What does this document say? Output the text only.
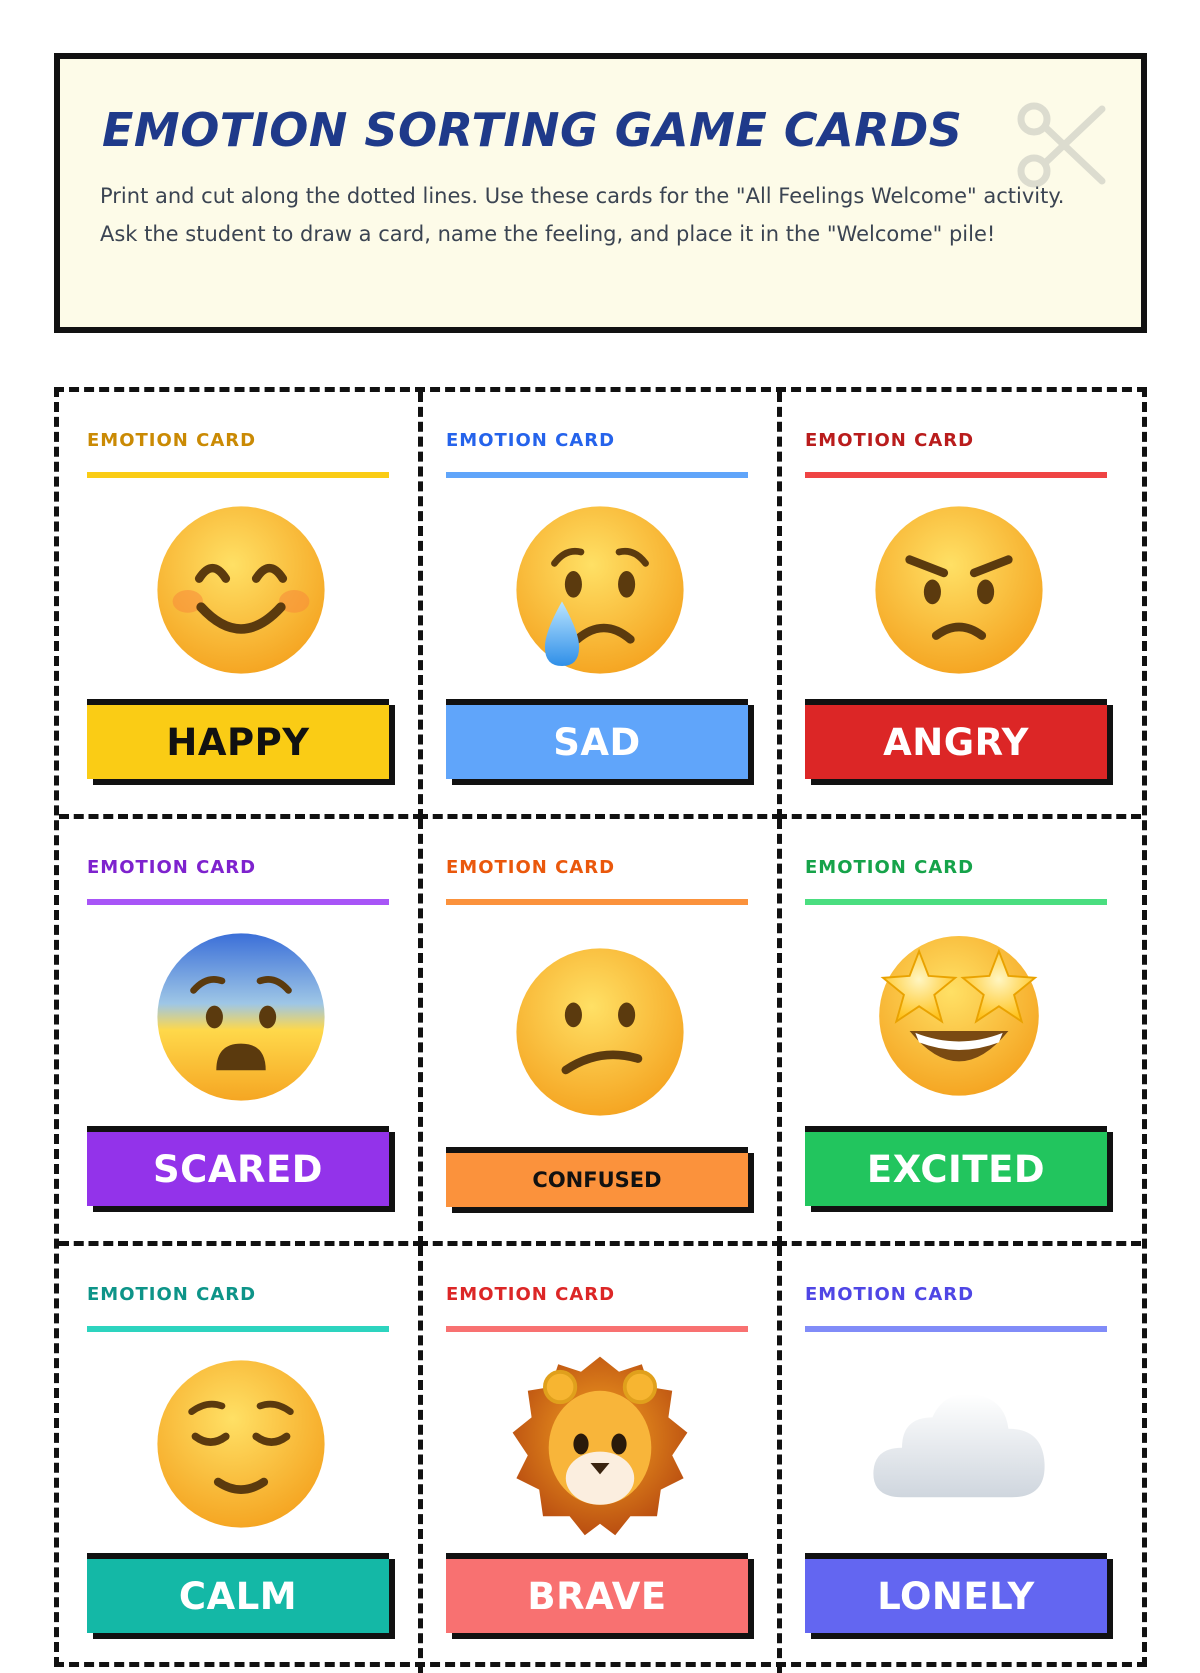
EMOTION SORTING GAME CARDS

Print and cut along the dotted lines. Use these cards for the "All Feelings Welcome" activity. Ask the student to draw a card, name the feeling, and place it in the "Welcome" pile!

EMOTION CARD
HAPPY
EMOTION CARD
SAD
EMOTION CARD
ANGRY
EMOTION CARD
SCARED
EMOTION CARD
CONFUSED
EMOTION CARD
EXCITED
EMOTION CARD
CALM
EMOTION CARD
BRAVE
EMOTION CARD
LONELY
